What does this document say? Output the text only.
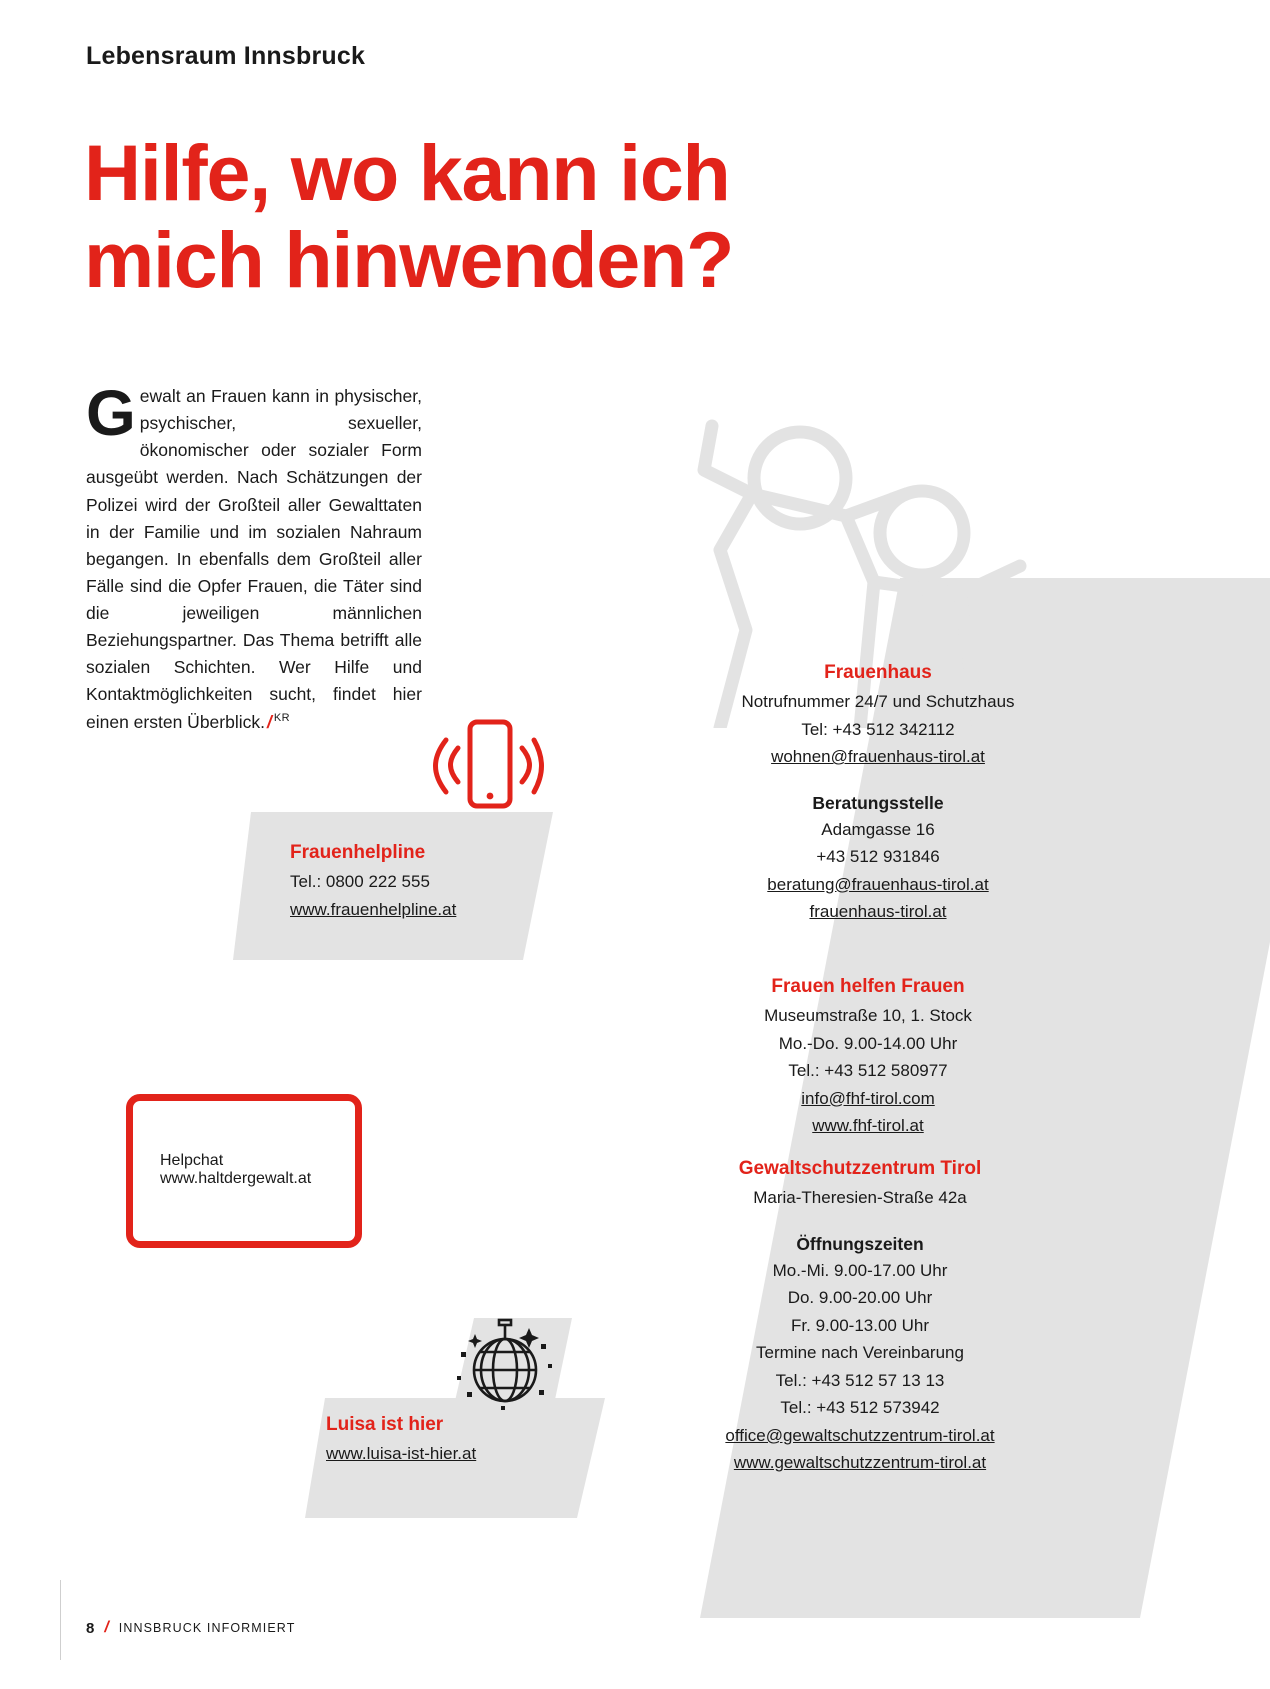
Lebensraum Innsbruck
Hilfe, wo kann ich
mich hinwenden?
Gewalt an Frauen kann in physischer, psychischer, sexueller, ökonomischer oder sozialer Form ausgeübt werden. Nach Schätzungen der Polizei wird der Großteil aller Gewalttaten in der Familie und im sozialen Nahraum begangen. In ebenfalls dem Großteil aller Fälle sind die Opfer Frauen, die Täter sind die jeweiligen männlichen Beziehungspartner. Das Thema betrifft alle sozialen Schichten. Wer Hilfe und Kontaktmöglichkeiten sucht, findet hier einen ersten Überblick. / $^{KR}$
Frauenhelpline
Tel.: 0800 222 555
www.frauenhelpline.at
Helpchat
www.haltdergewalt.at
Luisa ist hier
www.luisa-ist-hier.at
Frauenhaus
Notrufnummer 24/7 und Schutzhaus
Tel: +43 512 342112
wohnen@frauenhaus-tirol.at
Beratungsstelle
Adamgasse 16
+43 512 931846
beratung@frauenhaus-tirol.at
frauenhaus-tirol.at
Frauen helfen Frauen
Museumstraße 10, 1. Stock
Mo.-Do. 9.00-14.00 Uhr
Tel.: +43 512 580977
info@fhf-tirol.com
www.fhf-tirol.at
Gewaltschutzzentrum Tirol
Maria-Theresien-Straße 42a
Öffnungszeiten
Mo.-Mi. 9.00-17.00 Uhr
Do. 9.00-20.00 Uhr
Fr. 9.00-13.00 Uhr
Termine nach Vereinbarung
Tel.: +43 512 57 13 13
Tel.: +43 512 573942
office@gewaltschutzzentrum-tirol.at
www.gewaltschutzzentrum-tirol.at
8 / INNSBRUCK INFORMIERT
